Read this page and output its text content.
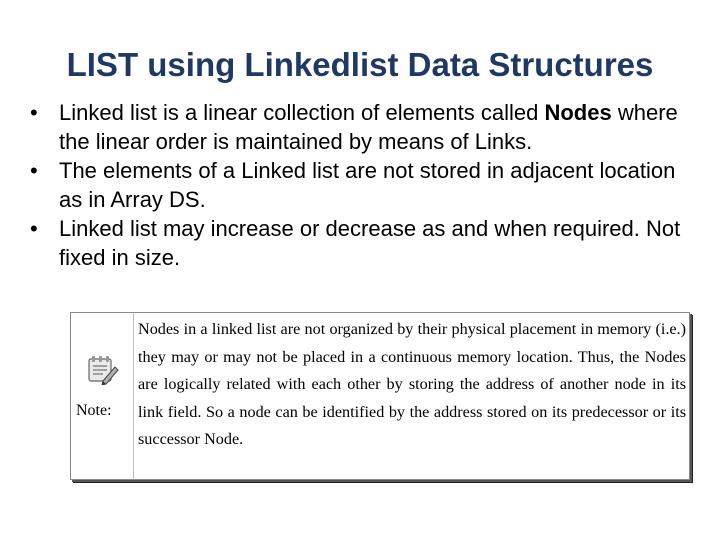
LIST using Linkedlist Data Structures
• Linked list is a linear collection of elements called Nodes where the linear order is maintained by means of Links.
• The elements of a Linked list are not stored in adjacent location as in Array DS.
• Linked list may increase or decrease as and when required. Not fixed in size.
Note:

Nodes in a linked list are not organized by their physical placement in memory (i.e.) they may or may not be placed in a continuous memory location. Thus, the Nodes are logically related with each other by storing the address of another node in its link field. So a node can be identified by the address stored on its predecessor or its successor Node.
